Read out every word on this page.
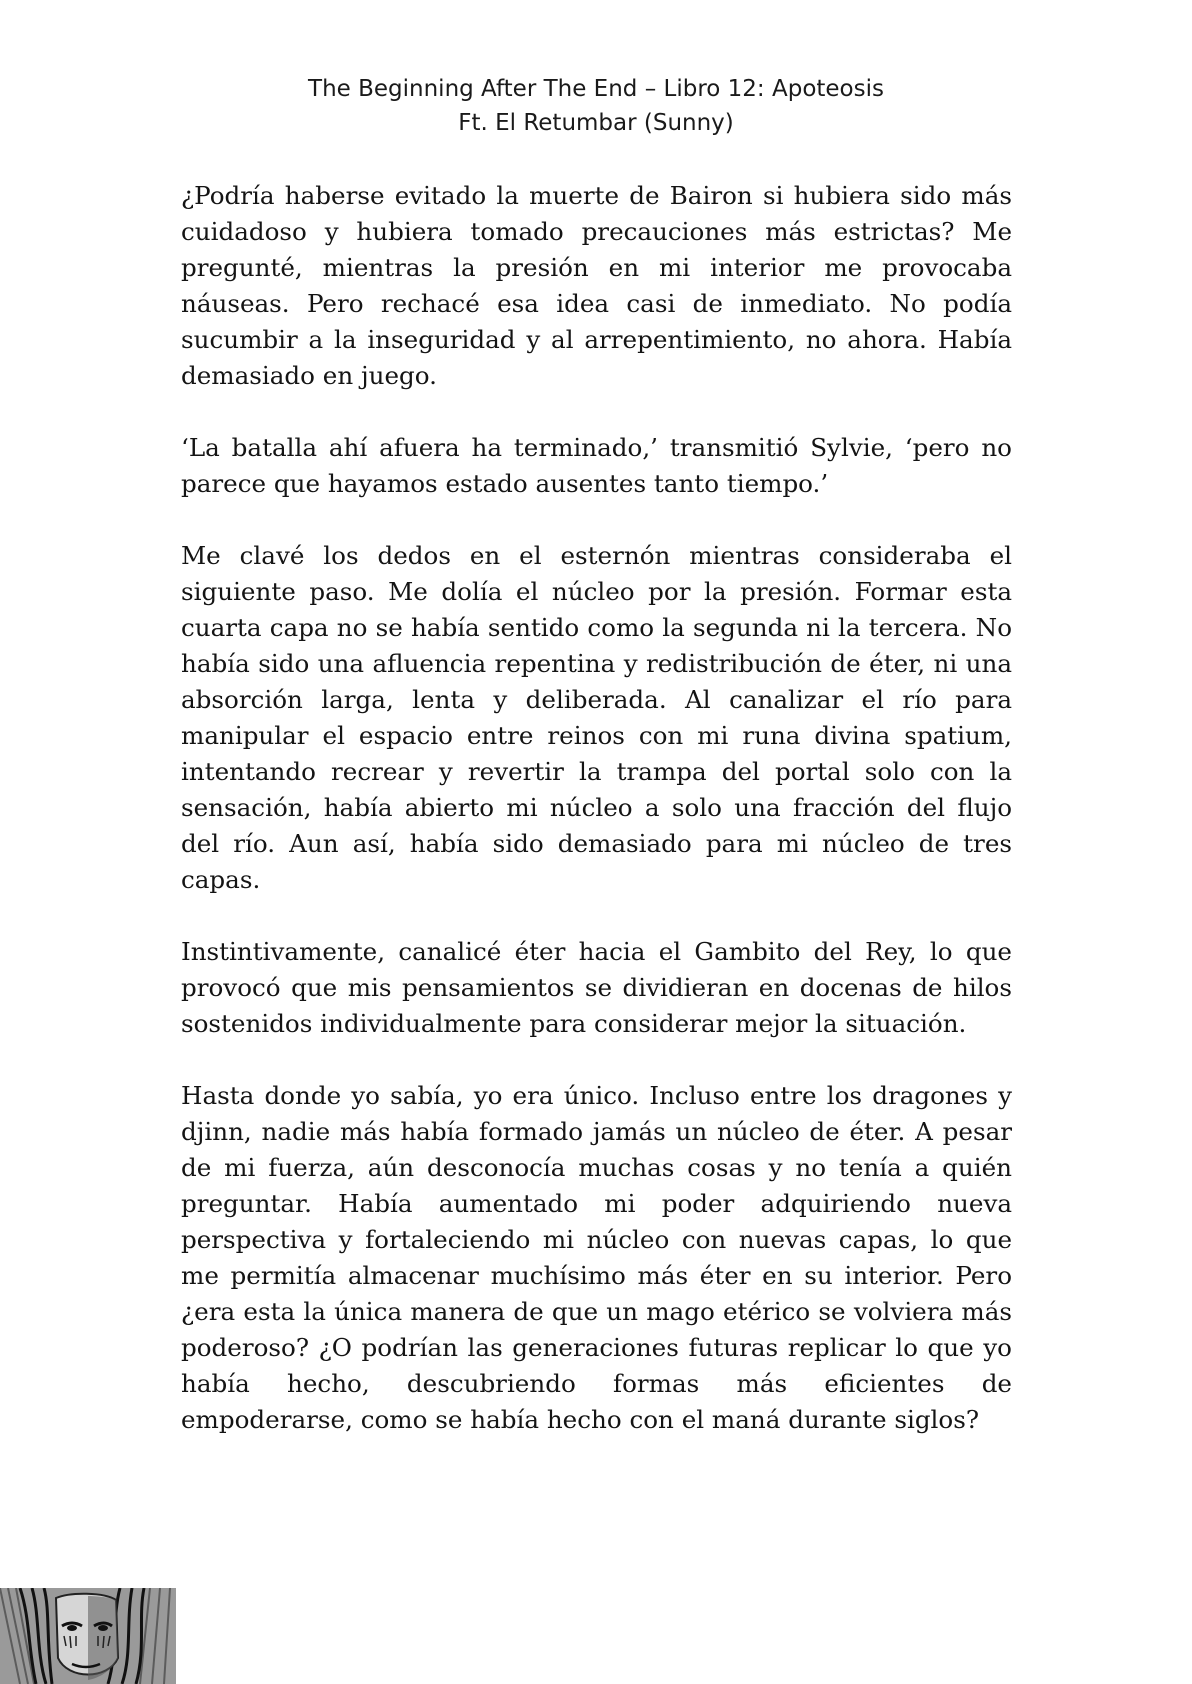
The Beginning After The End – Libro 12: Apoteosis
Ft. El Retumbar (Sunny)

¿Podría haberse evitado la muerte de Bairon si hubiera sido más cuidadoso y hubiera tomado precauciones más estrictas? Me pregunté, mientras la presión en mi interior me provocaba náuseas. Pero rechacé esa idea casi de inmediato. No podía sucumbir a la inseguridad y al arrepentimiento, no ahora. Había demasiado en juego.

‘La batalla ahí afuera ha terminado,’ transmitió Sylvie, ‘pero no parece que hayamos estado ausentes tanto tiempo.’

Me clavé los dedos en el esternón mientras consideraba el siguiente paso. Me dolía el núcleo por la presión. Formar esta cuarta capa no se había sentido como la segunda ni la tercera. No había sido una afluencia repentina y redistribución de éter, ni una absorción larga, lenta y deliberada. Al canalizar el río para manipular el espacio entre reinos con mi runa divina spatium, intentando recrear y revertir la trampa del portal solo con la sensación, había abierto mi núcleo a solo una fracción del flujo del río. Aun así, había sido demasiado para mi núcleo de tres capas.

Instintivamente, canalicé éter hacia el Gambito del Rey, lo que provocó que mis pensamientos se dividieran en docenas de hilos sostenidos individualmente para considerar mejor la situación.

Hasta donde yo sabía, yo era único. Incluso entre los dragones y djinn, nadie más había formado jamás un núcleo de éter. A pesar de mi fuerza, aún desconocía muchas cosas y no tenía a quién preguntar. Había aumentado mi poder adquiriendo nueva perspectiva y fortaleciendo mi núcleo con nuevas capas, lo que me permitía almacenar muchísimo más éter en su interior. Pero ¿era esta la única manera de que un mago etérico se volviera más poderoso? ¿O podrían las generaciones futuras replicar lo que yo había hecho, descubriendo formas más eficientes de empoderarse, como se había hecho con el maná durante siglos?
